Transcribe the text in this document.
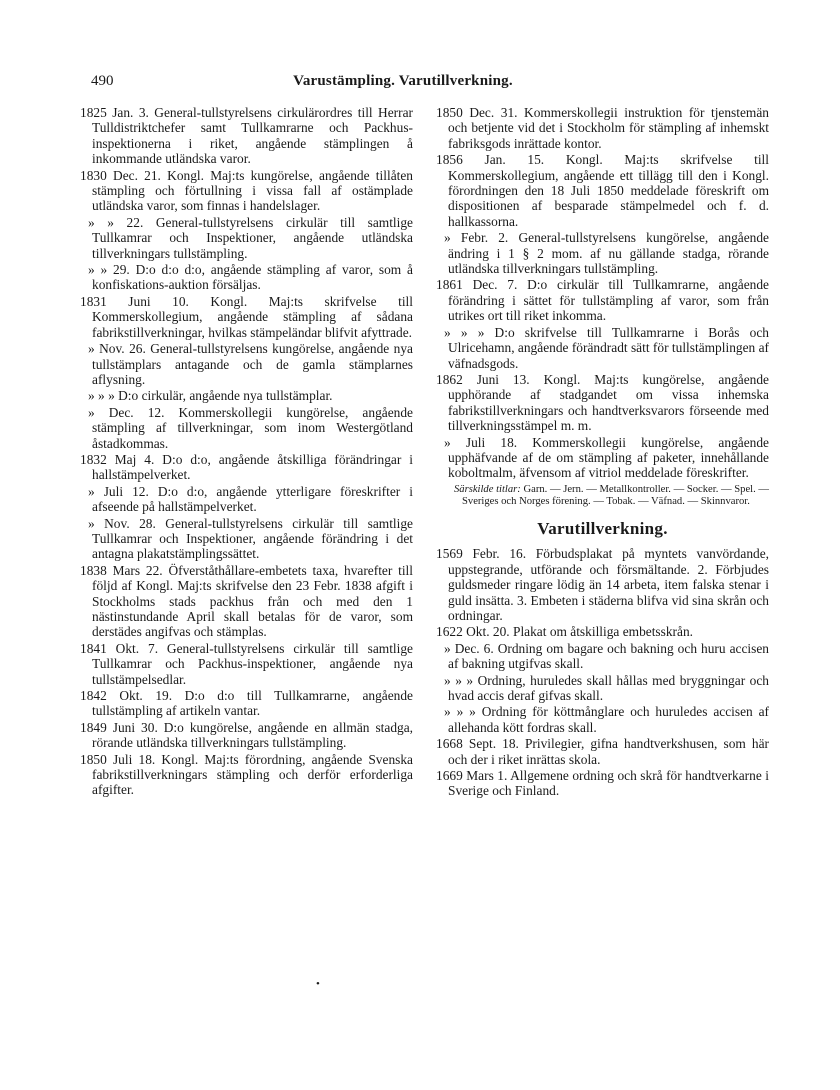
490	Varustämpling. Varutillverkning.

1825 Jan. 3. General-tullstyrelsens cirkulärordres till Herrar Tulldistriktchefer samt Tullkamrarne och Packhus-inspektionerna i riket, angående stämplingen å inkommande utländska varor.

1830 Dec. 21. Kongl. Maj:ts kungörelse, angående tillåten stämpling och förtullning i vissa fall af ostämplade utländska varor, som finnas i handelslager.

» » 22. General-tullstyrelsens cirkulär till samtlige Tullkamrar och Inspektioner, angående utländska tillverkningars tullstämpling.

» » 29. D:o d:o d:o, angående stämpling af varor, som å konfiskations-auktion försäljas.

1831 Juni 10. Kongl. Maj:ts skrifvelse till Kommerskollegium, angående stämpling af sådana fabrikstillverkningar, hvilkas stämpeländar blifvit afyttrade.

» Nov. 26. General-tullstyrelsens kungörelse, angående nya tullstämplars antagande och de gamla stämplarnes aflysning.

» » » D:o cirkulär, angående nya tullstämplar.

» Dec. 12. Kommerskollegii kungörelse, angående stämpling af tillverkningar, som inom Westergötland åstadkommas.

1832 Maj 4. D:o d:o, angående åtskilliga förändringar i hallstämpelverket.

» Juli 12. D:o d:o, angående ytterligare föreskrifter i afseende på hallstämpelverket.

» Nov. 28. General-tullstyrelsens cirkulär till samtlige Tullkamrar och Inspektioner, angående förändring i det antagna plakatstämplingssättet.

1838 Mars 22. Öfverståthållare-embetets taxa, hvarefter till följd af Kongl. Maj:ts skrifvelse den 23 Febr. 1838 afgift i Stockholms stads packhus från och med den 1 nästinstundande April skall betalas för de varor, som derstädes angifvas och stämplas.

1841 Okt. 7. General-tullstyrelsens cirkulär till samtlige Tullkamrar och Packhus-inspektioner, angående nya tullstämpelsedlar.

1842 Okt. 19. D:o d:o till Tullkamrarne, angående tullstämpling af artikeln vantar.

1849 Juni 30. D:o kungörelse, angående en allmän stadga, rörande utländska tillverkningars tullstämpling.

1850 Juli 18. Kongl. Maj:ts förordning, angående Svenska fabrikstillverkningars stämpling och derför erforderliga afgifter.

1850 Dec. 31. Kommerskollegii instruktion för tjenstemän och betjente vid det i Stockholm för stämpling af inhemskt fabriksgods inrättade kontor.

1856 Jan. 15. Kongl. Maj:ts skrifvelse till Kommerskollegium, angående ett tillägg till den i Kongl. förordningen den 18 Juli 1850 meddelade föreskrift om dispositionen af besparade stämpelmedel och f. d. hallkassorna.

» Febr. 2. General-tullstyrelsens kungörelse, angående ändring i 1 § 2 mom. af nu gällande stadga, rörande utländska tillverkningars tullstämpling.

1861 Dec. 7. D:o cirkulär till Tullkamrarne, angående förändring i sättet för tullstämpling af varor, som från utrikes ort till riket inkomma.

» » » D:o skrifvelse till Tullkamrarne i Borås och Ulricehamn, angående förändradt sätt för tullstämplingen af väfnadsgods.

1862 Juni 13. Kongl. Maj:ts kungörelse, angående upphörande af stadgandet om vissa inhemska fabrikstillverkningars och handtverksvarors förseende med tillverkningsstämpel m. m.

» Juli 18. Kommerskollegii kungörelse, angående upphäfvande af de om stämpling af paketer, innehållande koboltmalm, äfvensom af vitriol meddelade föreskrifter.

Särskilde titlar: Garn. — Jern. — Metallkontroller. — Socker. — Spel. — Sveriges och Norges förening. — Tobak. — Väfnad. — Skinnvaror.

Varutillverkning.

1569 Febr. 16. Förbudsplakat på myntets vanvördande, uppstegrande, utförande och försmältande. 2. Förbjudes guldsmeder ringare lödig än 14 arbeta, item falska stenar i guld insätta. 3. Embeten i städerna blifva vid sina skrån och ordningar.

1622 Okt. 20. Plakat om åtskilliga embetsskrån.

» Dec. 6. Ordning om bagare och bakning och huru accisen af bakning utgifvas skall.

» » » Ordning, huruledes skall hållas med bryggningar och hvad accis deraf gifvas skall.

» » » Ordning för köttmånglare och huruledes accisen af allehanda kött fordras skall.

1668 Sept. 18. Privilegier, gifna handtverkshusen, som här och der i riket inrättas skola.

1669 Mars 1. Allgemene ordning och skrå för handtverkarne i Sverige och Finland.

•
